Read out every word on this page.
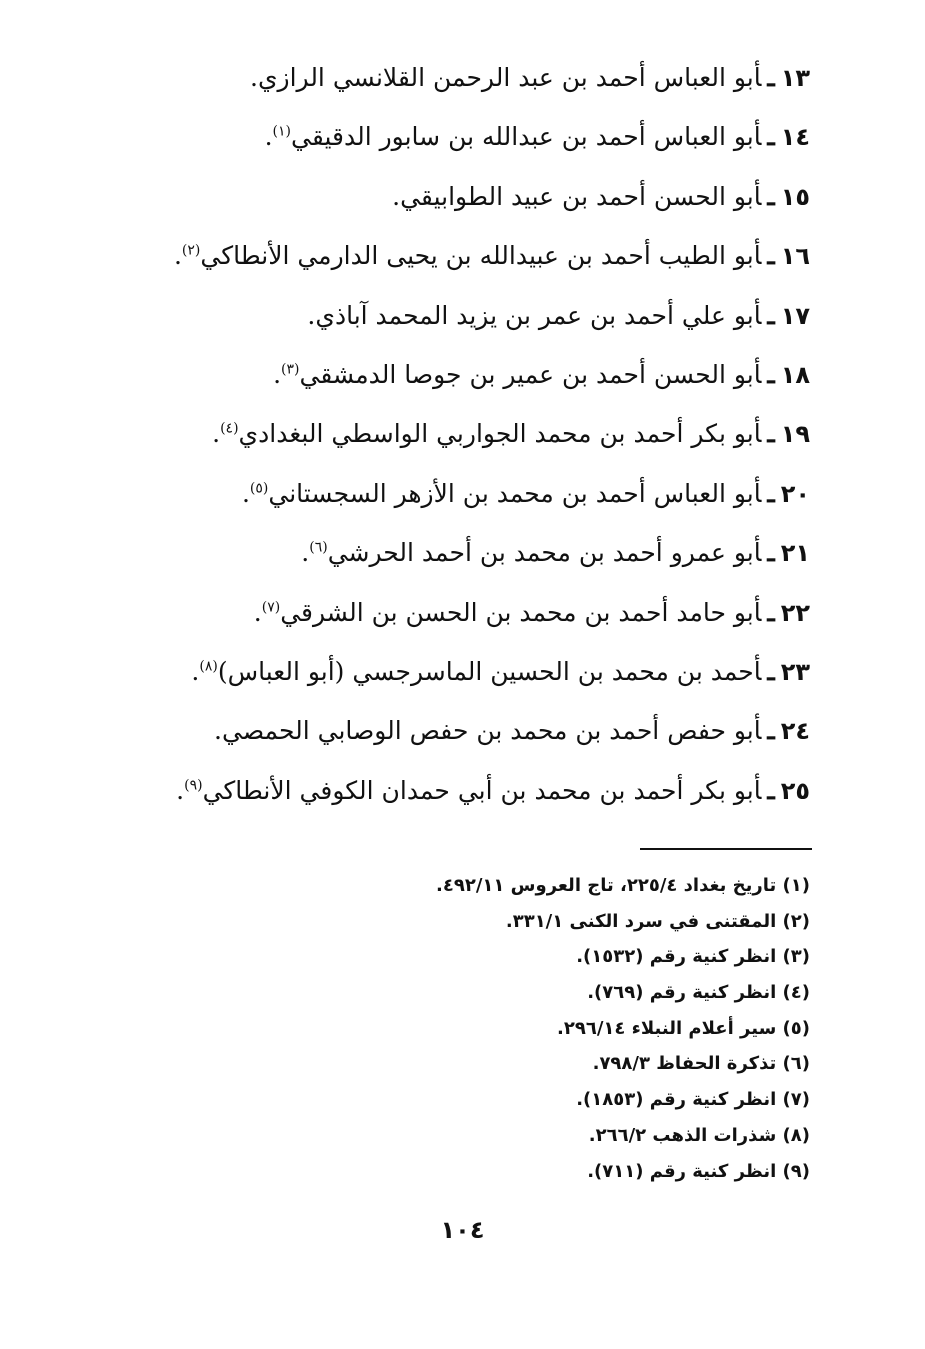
١٣ـأبو العباس أحمد بن عبد الرحمن القلانسي الرازي.
١٤ـأبو العباس أحمد بن عبدالله بن سابور الدقيقي$^{(١)}$.
١٥ـأبو الحسن أحمد بن عبيد الطوابيقي.
١٦ـأبو الطيب أحمد بن عبيدالله بن يحيى الدارمي الأنطاكي$^{(٢)}$.
١٧ـأبو علي أحمد بن عمر بن يزيد المحمد آباذي.
١٨ـأبو الحسن أحمد بن عمير بن جوصا الدمشقي$^{(٣)}$.
١٩ـأبو بكر أحمد بن محمد الجواربي الواسطي البغدادي$^{(٤)}$.
٢٠ـأبو العباس أحمد بن محمد بن الأزهر السجستاني$^{(٥)}$.
٢١ـأبو عمرو أحمد بن محمد بن أحمد الحرشي$^{(٦)}$.
٢٢ـأبو حامد أحمد بن محمد بن الحسن بن الشرقي$^{(٧)}$.
٢٣ـأحمد بن محمد بن الحسين الماسرجسي (أبو العباس)$^{(٨)}$.
٢٤ـأبو حفص أحمد بن محمد بن حفص الوصابي الحمصي.
٢٥ـأبو بكر أحمد بن محمد بن أبي حمدان الكوفي الأنطاكي$^{(٩)}$.
(١) تاريخ بغداد ٢٢٥/٤، تاج العروس ٤٩٢/١١.
(٢) المقتنى في سرد الكنى ٣٣١/١.
(٣) انظر كنية رقم (١٥٣٢).
(٤) انظر كنية رقم (٧٦٩).
(٥) سير أعلام النبلاء ٢٩٦/١٤.
(٦) تذكرة الحفاظ ٧٩٨/٣.
(٧) انظر كنية رقم (١٨٥٣).
(٨) شذرات الذهب ٢٦٦/٢.
(٩) انظر كنية رقم (٧١١).
١٠٤
